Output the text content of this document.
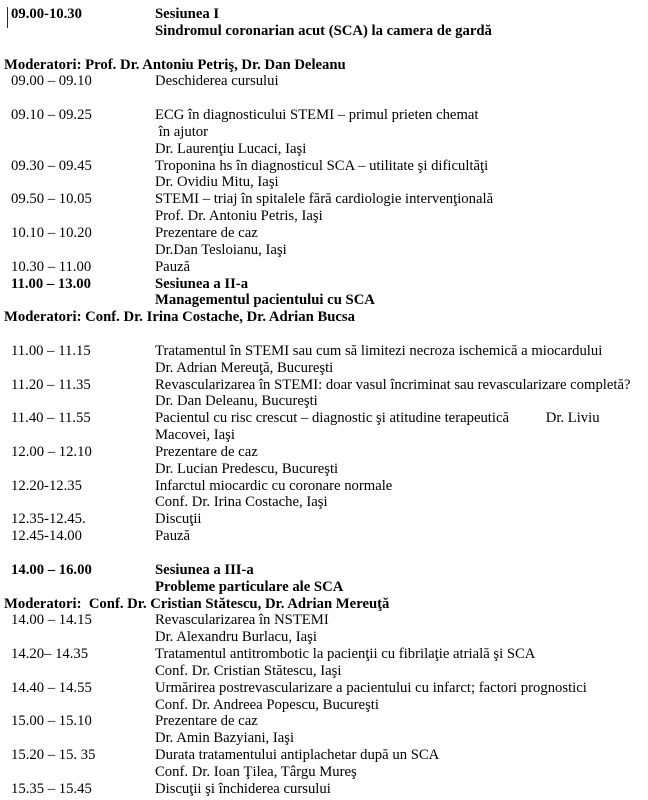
09.00-10.30	Sesiunea I
Sindromul coronarian acut (SCA) la camera de gardă

Moderatori: Prof. Dr. Antoniu Petriş, Dr. Dan Deleanu
09.00 – 09.10	Deschiderea cursului

09.10 – 09.25	ECG în diagnosticului STEMI – primul prieten chemat
în ajutor
Dr. Laurenţiu Lucaci, Iaşi
09.30 – 09.45	Troponina hs în diagnosticul SCA – utilitate şi dificultăţi
Dr. Ovidiu Mitu, Iaşi
09.50 – 10.05	STEMI – triaj în spitalele fără cardiologie intervenţională
Prof. Dr. Antoniu Petris, Iaşi
10.10 – 10.20	Prezentare de caz
Dr.Dan Tesloianu, Iaşi
10.30 – 11.00	Pauză
11.00 – 13.00	Sesiunea a II-a
Managementul pacientului cu SCA
Moderatori: Conf. Dr. Irina Costache, Dr. Adrian Bucsa

11.00 – 11.15	Tratamentul în STEMI sau cum să limitezi necroza ischemică a miocardului
Dr. Adrian Mereuţă, Bucureşti
11.20 – 11.35	Revascularizarea în STEMI: doar vasul încriminat sau revascularizare completă?
Dr. Dan Deleanu, Bucureşti
11.40 – 11.55	Pacientul cu risc crescut – diagnostic şi atitudine terapeutică          Dr. Liviu
Macovei, Iaşi
12.00 – 12.10	Prezentare de caz
Dr. Lucian Predescu, Bucureşti
12.20-12.35	Infarctul miocardic cu coronare normale
Conf. Dr. Irina Costache, Iaşi
12.35-12.45.	Discuţii
12.45-14.00	Pauză

14.00 – 16.00	Sesiunea a III-a
Probleme particulare ale SCA
Moderatori:  Conf. Dr. Cristian Stătescu, Dr. Adrian Mereuţă
14.00 – 14.15	Revascularizarea în NSTEMI
Dr. Alexandru Burlacu, Iaşi
14.20– 14.35	Tratamentul antitrombotic la pacienţii cu fibrilaţie atrială şi SCA
Conf. Dr. Cristian Stătescu, Iaşi
14.40 – 14.55	Urmărirea postrevascularizare a pacientului cu infarct; factori prognostici
Conf. Dr. Andreea Popescu, Bucureşti
15.00 – 15.10	Prezentare de caz
Dr. Amin Bazyiani, Iaşi
15.20 – 15. 35	Durata tratamentului antiplachetar după un SCA
Conf. Dr. Ioan Ţilea, Târgu Mureş
15.35 – 15.45	Discuţii şi închiderea cursului
